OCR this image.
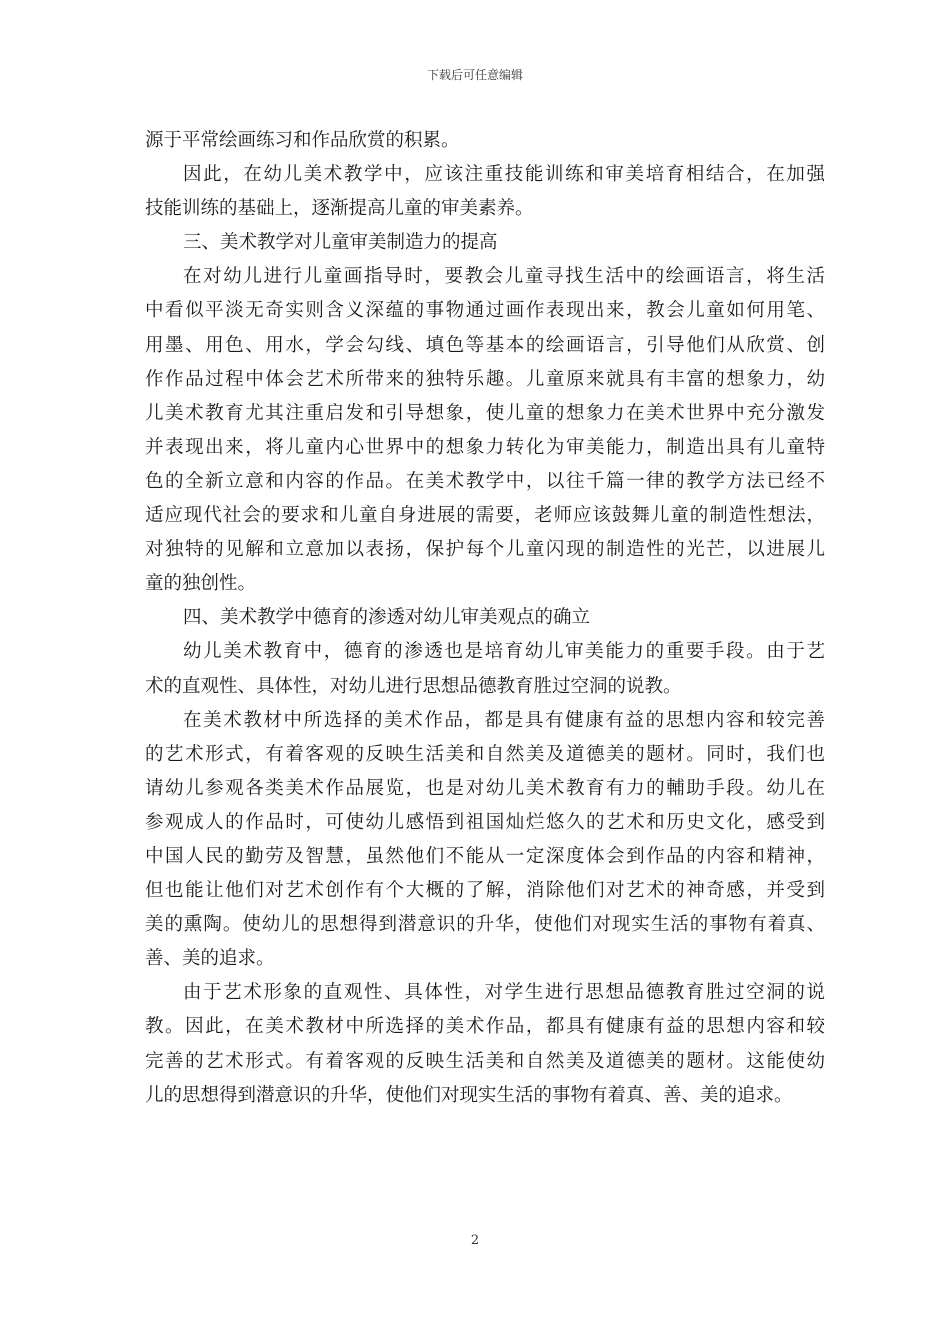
下载后可任意编辑
源于平常绘画练习和作品欣赏的积累。
因此，在幼儿美术教学中，应该注重技能训练和审美培育相结合，在加强
技能训练的基础上，逐渐提高儿童的审美素养。
三、美术教学对儿童审美制造力的提高
在对幼儿进行儿童画指导时，要教会儿童寻找生活中的绘画语言，将生活
中看似平淡无奇实则含义深蕴的事物通过画作表现出来，教会儿童如何用笔、
用墨、用色、用水，学会勾线、填色等基本的绘画语言，引导他们从欣赏、创
作作品过程中体会艺术所带来的独特乐趣。儿童原来就具有丰富的想象力，幼
儿美术教育尤其注重启发和引导想象，使儿童的想象力在美术世界中充分激发
并表现出来，将儿童内心世界中的想象力转化为审美能力，制造出具有儿童特
色的全新立意和内容的作品。在美术教学中，以往千篇一律的教学方法已经不
适应现代社会的要求和儿童自身进展的需要，老师应该鼓舞儿童的制造性想法，
对独特的见解和立意加以表扬，保护每个儿童闪现的制造性的光芒，以进展儿
童的独创性。
四、美术教学中德育的渗透对幼儿审美观点的确立
幼儿美术教育中，德育的渗透也是培育幼儿审美能力的重要手段。由于艺
术的直观性、具体性，对幼儿进行思想品德教育胜过空洞的说教。
在美术教材中所选择的美术作品，都是具有健康有益的思想内容和较完善
的艺术形式，有着客观的反映生活美和自然美及道德美的题材。同时，我们也
请幼儿参观各类美术作品展览，也是对幼儿美术教育有力的輔助手段。幼儿在
参观成人的作品时，可使幼儿感悟到祖国灿烂悠久的艺术和历史文化，感受到
中国人民的勤劳及智慧，虽然他们不能从一定深度体会到作品的内容和精神，
但也能让他们对艺术创作有个大概的了解，消除他们对艺术的神奇感，并受到
美的熏陶。使幼儿的思想得到潜意识的升华，使他们对现实生活的事物有着真、
善、美的追求。
由于艺术形象的直观性、具体性，对学生进行思想品德教育胜过空洞的说
教。因此，在美术教材中所选择的美术作品，都具有健康有益的思想内容和较
完善的艺术形式。有着客观的反映生活美和自然美及道德美的题材。这能使幼
儿的思想得到潜意识的升华，使他们对现实生活的事物有着真、善、美的追求。
2
